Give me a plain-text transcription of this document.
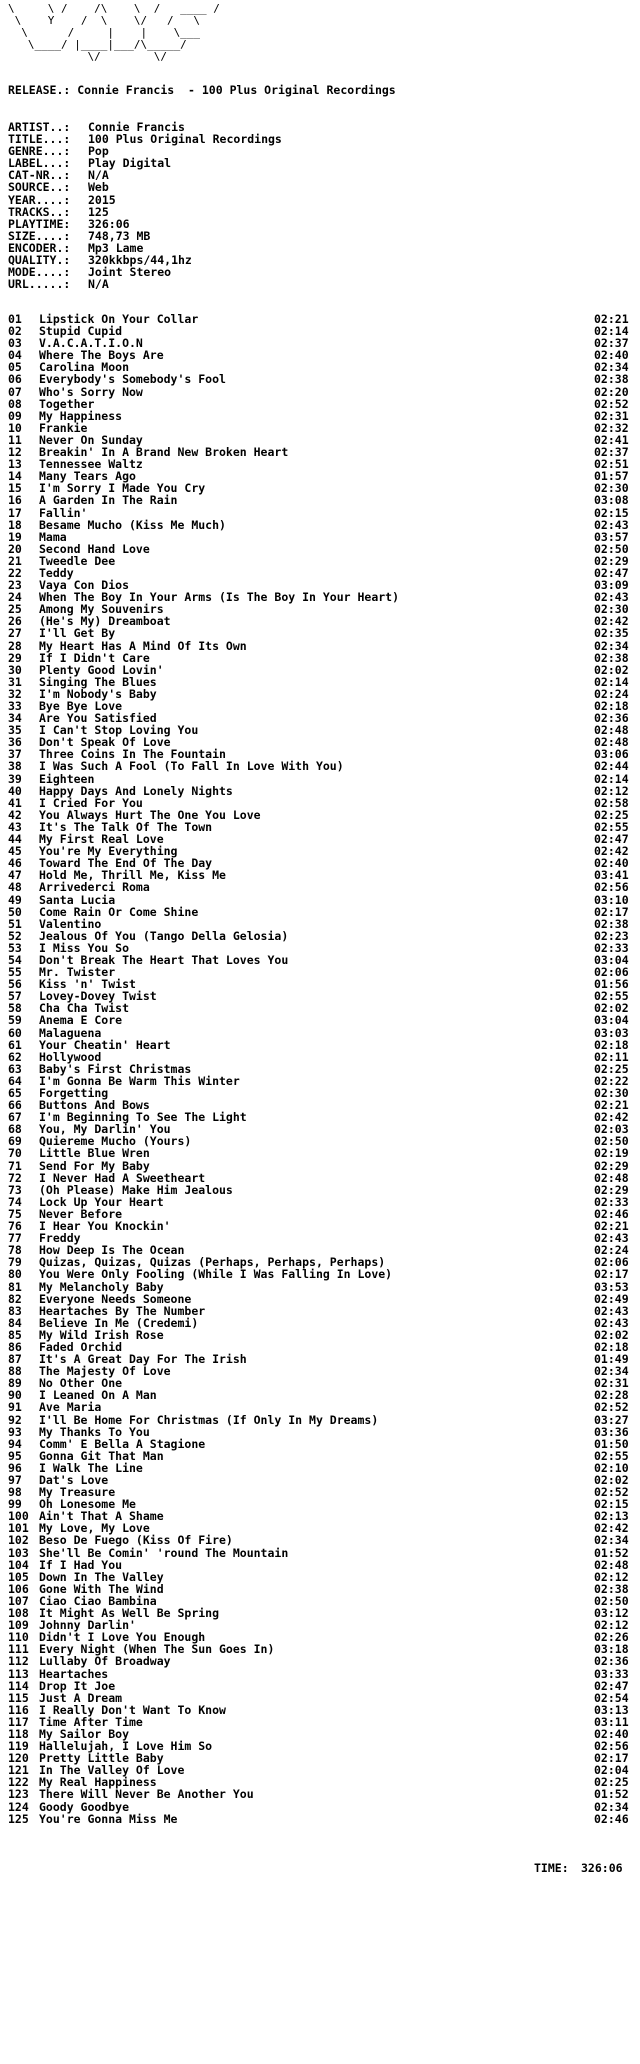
\     \ /    /\    \  /   ____ /
\    Y    /  \    \/   /   \
\      /     |    |    \___
\____/ |____|___/\_____/
\/        \/
RELEASE.: Connie Francis  - 100 Plus Original Recordings
ARTIST..: Connie Francis
TITLE...: 100 Plus Original Recordings
GENRE...: Pop
LABEL...: Play Digital
CAT-NR..: N/A
SOURCE..: Web
YEAR....: 2015
TRACKS..: 125
PLAYTIME: 326:06
SIZE....: 748,73 MB
ENCODER.: Mp3 Lame
QUALITY.: 320kkbps/44,1hz
MODE....: Joint Stereo
URL.....: N/A
01 Lipstick On Your Collar	02:21
02 Stupid Cupid	02:14
03 V.A.C.A.T.I.O.N	02:37
04 Where The Boys Are	02:40
05 Carolina Moon	02:34
06 Everybody's Somebody's Fool	02:38
07 Who's Sorry Now	02:20
08 Together	02:52
09 My Happiness	02:31
10 Frankie	02:32
11 Never On Sunday	02:41
12 Breakin' In A Brand New Broken Heart	02:37
13 Tennessee Waltz	02:51
14 Many Tears Ago	01:57
15 I'm Sorry I Made You Cry	02:30
16 A Garden In The Rain	03:08
17 Fallin'	02:15
18 Besame Mucho (Kiss Me Much)	02:43
19 Mama	03:57
20 Second Hand Love	02:50
21 Tweedle Dee	02:29
22 Teddy	02:47
23 Vaya Con Dios	03:09
24 When The Boy In Your Arms (Is The Boy In Your Heart)	02:43
25 Among My Souvenirs	02:30
26 (He's My) Dreamboat	02:42
27 I'll Get By	02:35
28 My Heart Has A Mind Of Its Own	02:34
29 If I Didn't Care	02:38
30 Plenty Good Lovin'	02:02
31 Singing The Blues	02:14
32 I'm Nobody's Baby	02:24
33 Bye Bye Love	02:18
34 Are You Satisfied	02:36
35 I Can't Stop Loving You	02:48
36 Don't Speak Of Love	02:48
37 Three Coins In The Fountain	03:06
38 I Was Such A Fool (To Fall In Love With You)	02:44
39 Eighteen	02:14
40 Happy Days And Lonely Nights	02:12
41 I Cried For You	02:58
42 You Always Hurt The One You Love	02:25
43 It's The Talk Of The Town	02:55
44 My First Real Love	02:47
45 You're My Everything	02:42
46 Toward The End Of The Day	02:40
47 Hold Me, Thrill Me, Kiss Me	03:41
48 Arrivederci Roma	02:56
49 Santa Lucia	03:10
50 Come Rain Or Come Shine	02:17
51 Valentino	02:38
52 Jealous Of You (Tango Della Gelosia)	02:23
53 I Miss You So	02:33
54 Don't Break The Heart That Loves You	03:04
55 Mr. Twister	02:06
56 Kiss 'n' Twist	01:56
57 Lovey-Dovey Twist	02:55
58 Cha Cha Twist	02:02
59 Anema E Core	03:04
60 Malaguena	03:03
61 Your Cheatin' Heart	02:18
62 Hollywood	02:11
63 Baby's First Christmas	02:25
64 I'm Gonna Be Warm This Winter	02:22
65 Forgetting	02:30
66 Buttons And Bows	02:21
67 I'm Beginning To See The Light	02:42
68 You, My Darlin' You	02:03
69 Quiereme Mucho (Yours)	02:50
70 Little Blue Wren	02:19
71 Send For My Baby	02:29
72 I Never Had A Sweetheart	02:48
73 (Oh Please) Make Him Jealous	02:29
74 Lock Up Your Heart	02:33
75 Never Before	02:46
76 I Hear You Knockin'	02:21
77 Freddy	02:43
78 How Deep Is The Ocean	02:24
79 Quizas, Quizas, Quizas (Perhaps, Perhaps, Perhaps)	02:06
80 You Were Only Fooling (While I Was Falling In Love)	02:17
81 My Melancholy Baby	03:53
82 Everyone Needs Someone	02:49
83 Heartaches By The Number	02:43
84 Believe In Me (Credemi)	02:43
85 My Wild Irish Rose	02:02
86 Faded Orchid	02:18
87 It's A Great Day For The Irish	01:49
88 The Majesty Of Love	02:34
89 No Other One	02:31
90 I Leaned On A Man	02:28
91 Ave Maria	02:52
92 I'll Be Home For Christmas (If Only In My Dreams)	03:27
93 My Thanks To You	03:36
94 Comm' E Bella A Stagione	01:50
95 Gonna Git That Man	02:55
96 I Walk The Line	02:10
97 Dat's Love	02:02
98 My Treasure	02:52
99 Oh Lonesome Me	02:15
100 Ain't That A Shame	02:13
101 My Love, My Love	02:42
102 Beso De Fuego (Kiss Of Fire)	02:34
103 She'll Be Comin' 'round The Mountain	01:52
104 If I Had You	02:48
105 Down In The Valley	02:12
106 Gone With The Wind	02:38
107 Ciao Ciao Bambina	02:50
108 It Might As Well Be Spring	03:12
109 Johnny Darlin'	02:12
110 Didn't I Love You Enough	02:26
111 Every Night (When The Sun Goes In)	03:18
112 Lullaby Of Broadway	02:36
113 Heartaches	03:33
114 Drop It Joe	02:47
115 Just A Dream	02:54
116 I Really Don't Want To Know	03:13
117 Time After Time	03:11
118 My Sailor Boy	02:40
119 Hallelujah, I Love Him So	02:56
120 Pretty Little Baby	02:17
121 In The Valley Of Love	02:04
122 My Real Happiness	02:25
123 There Will Never Be Another You	01:52
124 Goody Goodbye	02:34
125 You're Gonna Miss Me	02:46
TIME: 326:06
